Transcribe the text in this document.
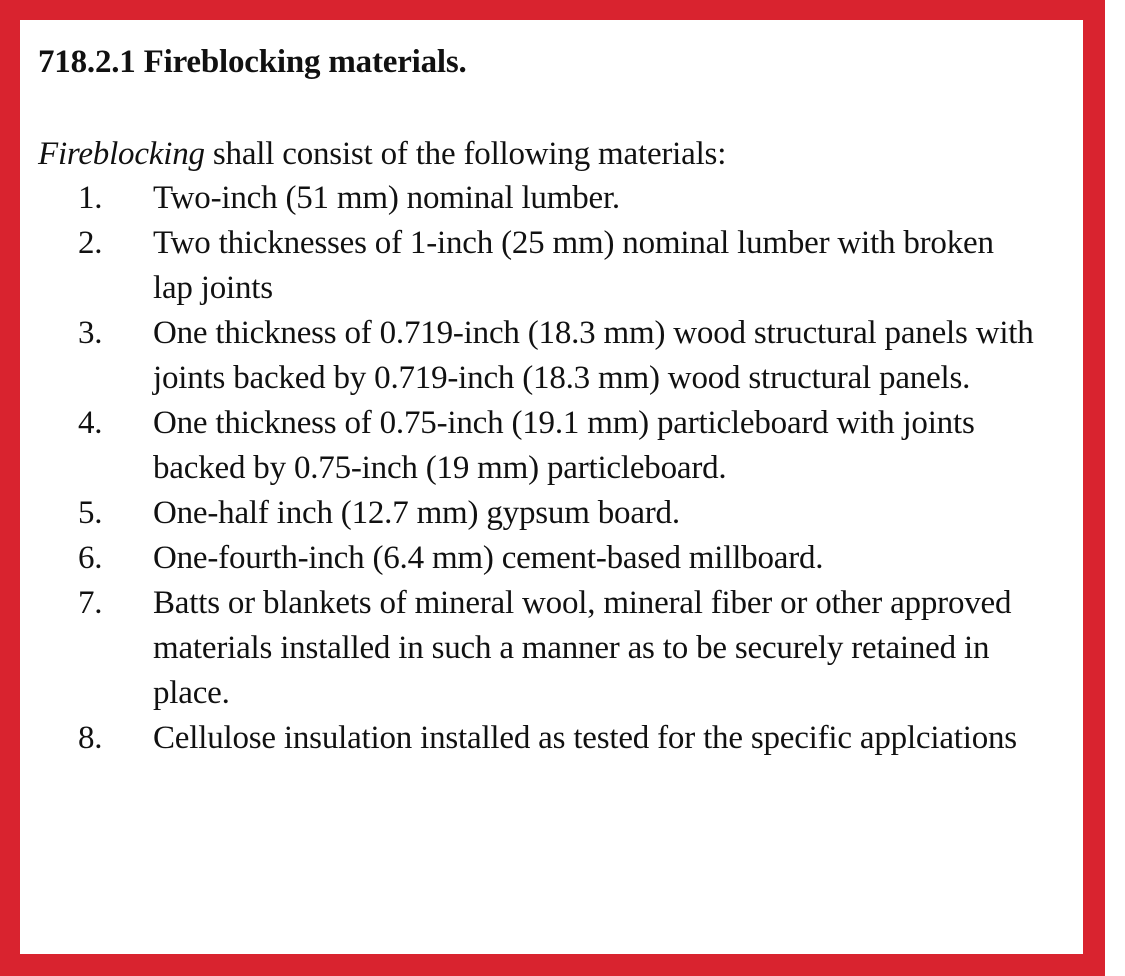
718.2.1 Fireblocking materials.

Fireblocking shall consist of the following materials:

1. Two-inch (51 mm) nominal lumber.
2. Two thicknesses of 1-inch (25 mm) nominal lumber with broken lap joints
3. One thickness of 0.719-inch (18.3 mm) wood structural panels with joints backed by 0.719-inch (18.3 mm) wood structural panels.
4. One thickness of 0.75-inch (19.1 mm) particleboard with joints backed by 0.75-inch (19 mm) particleboard.
5. One-half inch (12.7 mm) gypsum board.
6. One-fourth-inch (6.4 mm) cement-based millboard.
7. Batts or blankets of mineral wool, mineral fiber or other approved materials installed in such a manner as to be securely retained in place.
8. Cellulose insulation installed as tested for the specific applciations
